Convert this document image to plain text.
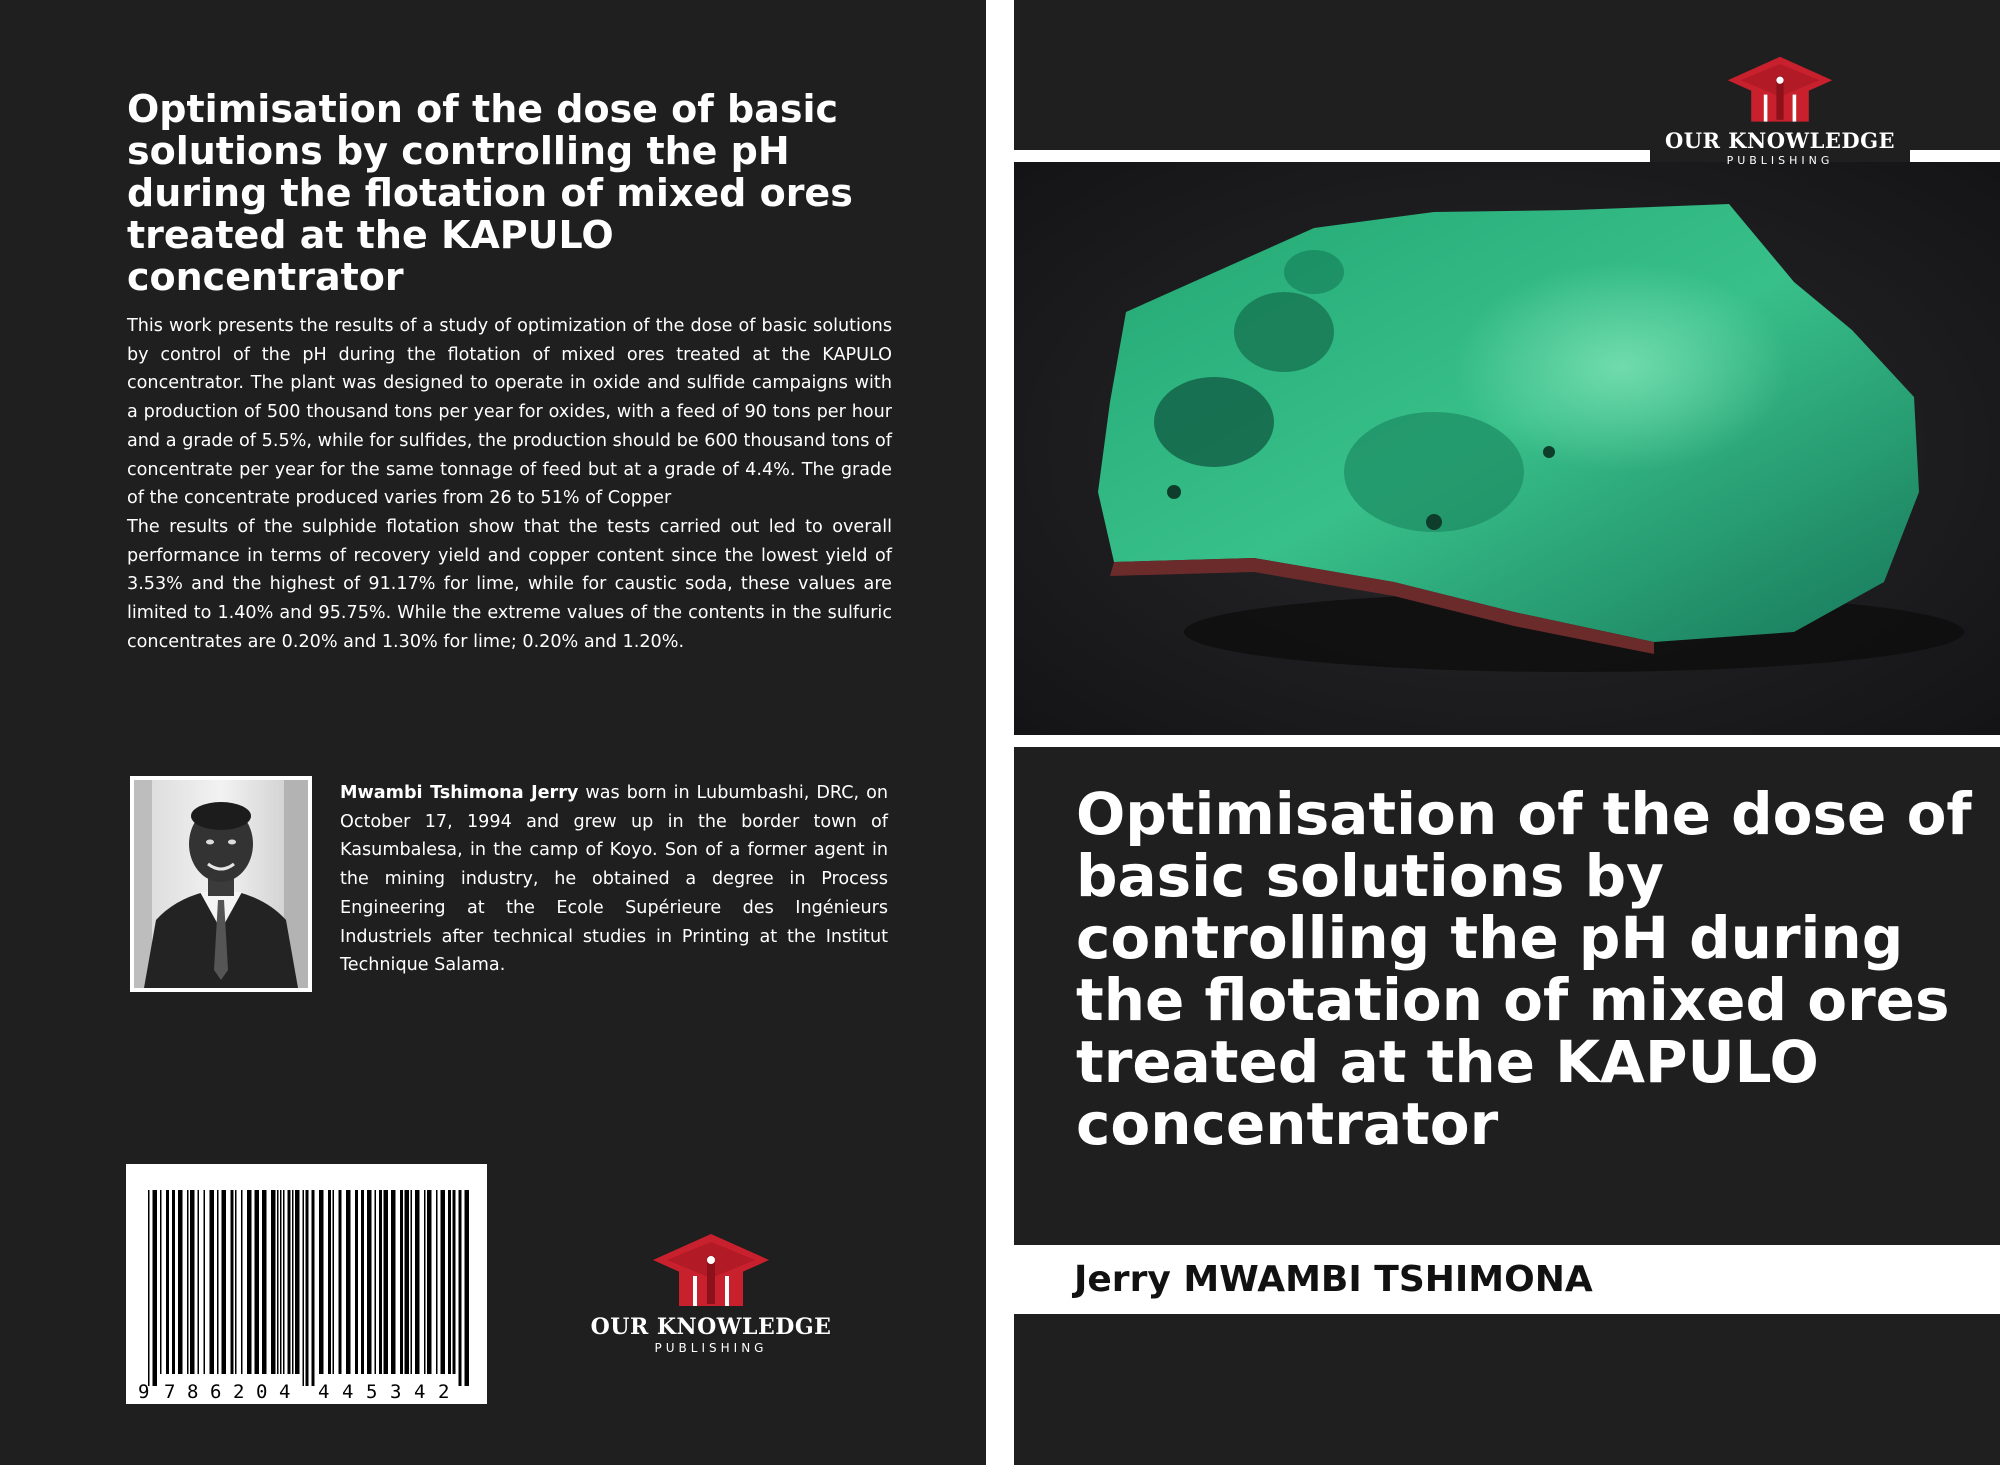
Optimisation of the dose of basic solutions by controlling the pH during the flotation of mixed ores treated at the KAPULO concentrator

This work presents the results of a study of optimization of the dose of basic solutions by control of the pH during the flotation of mixed ores treated at the KAPULO concentrator. The plant was designed to operate in oxide and sulfide campaigns with a production of 500 thousand tons per year for oxides, with a feed of 90 tons per hour and a grade of 5.5%, while for sulfides, the production should be 600 thousand tons of concentrate per year for the same tonnage of feed but at a grade of 4.4%. The grade of the concentrate produced varies from 26 to 51% of Copper

The results of the sulphide flotation show that the tests carried out led to overall performance in terms of recovery yield and copper content since the lowest yield of 3.53% and the highest of 91.17% for lime, while for caustic soda, these values are limited to 1.40% and 95.75%. While the extreme values of the contents in the sulfuric concentrates are 0.20% and 1.30% for lime; 0.20% and 1.20%.

Mwambi Tshimona Jerry was born in Lubumbashi, DRC, on October 17, 1994 and grew up in the border town of Kasumbalesa, in the camp of Koyo. Son of a former agent in the mining industry, he obtained a degree in Process Engineering at the Ecole Supérieure des Ingénieurs Industriels after technical studies in Printing at the Institut Technique Salama.
9 7 8 6 2 0 4 4 4 5 3 4 2
OUR KNOWLEDGE
PUBLISHING
OUR KNOWLEDGE
PUBLISHING
Optimisation of the dose of basic solutions by controlling the pH during the flotation of mixed ores treated at the KAPULO concentrator
Jerry MWAMBI TSHIMONA
